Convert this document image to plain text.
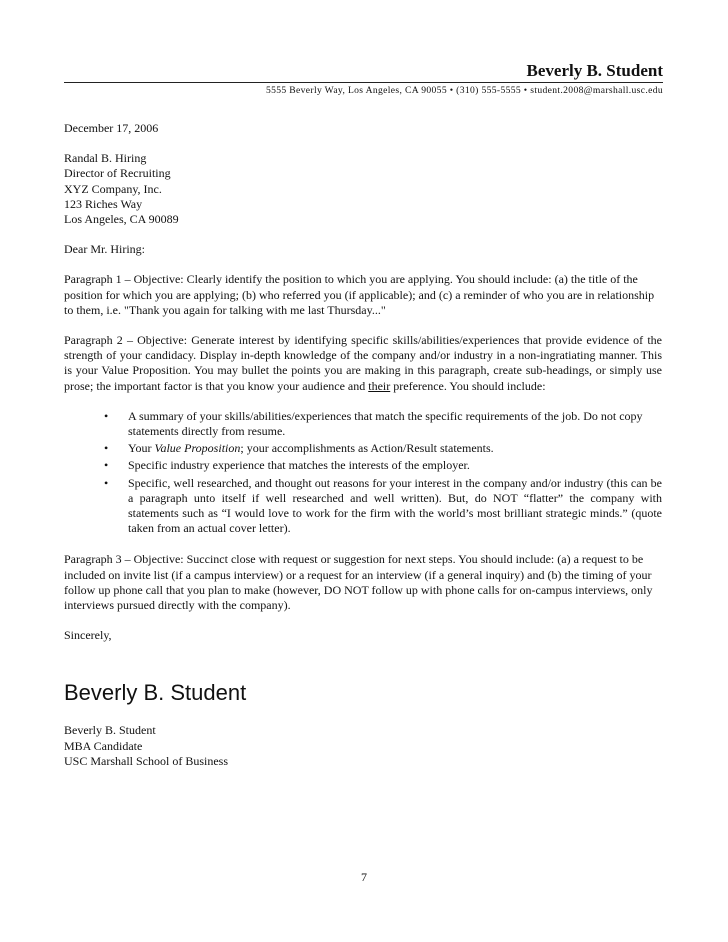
Beverly B. Student
5555 Beverly Way, Los Angeles, CA 90055 • (310) 555-5555 • student.2008@marshall.usc.edu
December 17, 2006
Randal B. Hiring
Director of Recruiting
XYZ Company, Inc.
123 Riches Way
Los Angeles, CA 90089
Dear Mr. Hiring:
Paragraph 1 – Objective: Clearly identify the position to which you are applying. You should include: (a) the title of the position for which you are applying; (b) who referred you (if applicable); and (c) a reminder of who you are in relationship to them, i.e. "Thank you again for talking with me last Thursday..."
Paragraph 2 – Objective: Generate interest by identifying specific skills/abilities/experiences that provide evidence of the strength of your candidacy. Display in-depth knowledge of the company and/or industry in a non-ingratiating manner. This is your Value Proposition. You may bullet the points you are making in this paragraph, create sub-headings, or simply use prose; the important factor is that you know your audience and their preference. You should include:
• A summary of your skills/abilities/experiences that match the specific requirements of the job. Do not copy statements directly from resume.
• Your Value Proposition; your accomplishments as Action/Result statements.
• Specific industry experience that matches the interests of the employer.
• Specific, well researched, and thought out reasons for your interest in the company and/or industry (this can be a paragraph unto itself if well researched and well written). But, do NOT “flatter” the company with statements such as “I would love to work for the firm with the world’s most brilliant strategic minds.” (quote taken from an actual cover letter).
Paragraph 3 – Objective: Succinct close with request or suggestion for next steps. You should include: (a) a request to be included on invite list (if a campus interview) or a request for an interview (if a general inquiry) and (b) the timing of your follow up phone call that you plan to make (however, DO NOT follow up with phone calls for on-campus interviews, only interviews pursued directly with the company).
Sincerely,

Beverly B. Student

Beverly B. Student
MBA Candidate
USC Marshall School of Business
7
